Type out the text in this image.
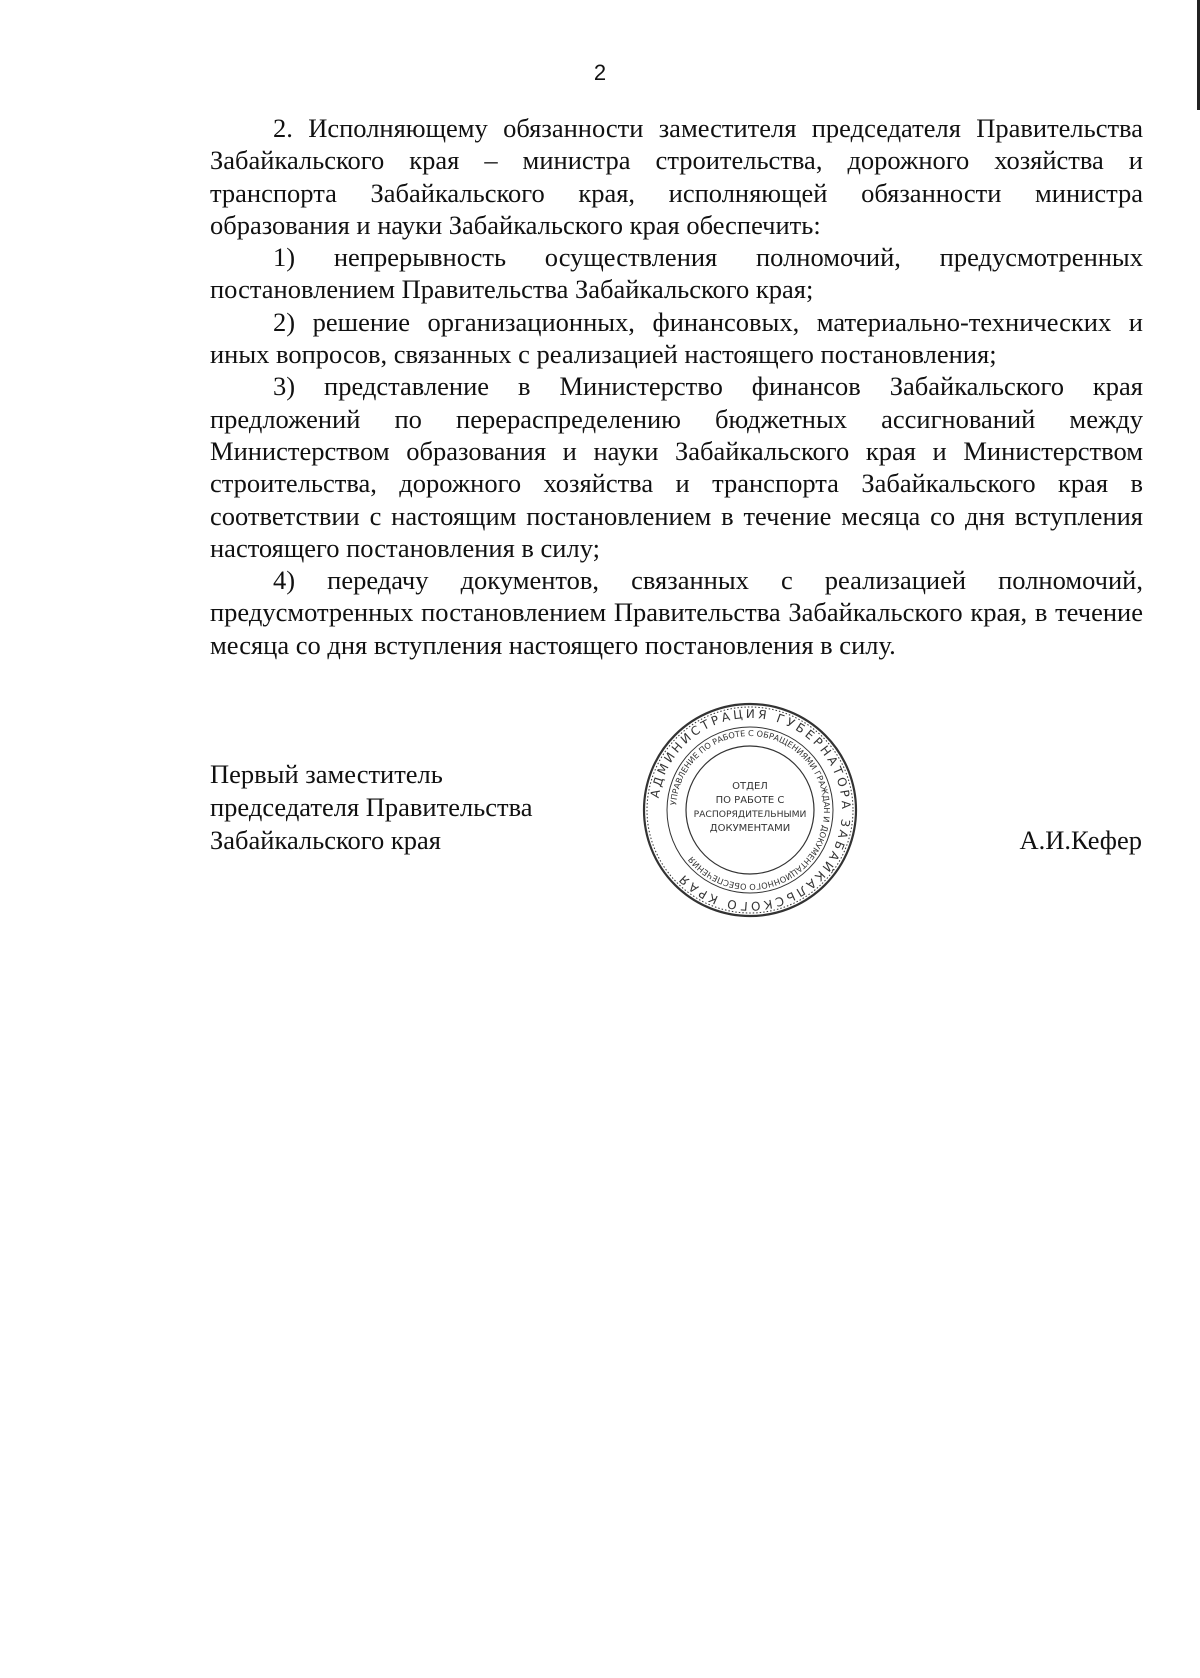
2

2. Исполняющему обязанности заместителя председателя Правительства Забайкальского края – министра строительства, дорожного хозяйства и транспорта Забайкальского края, исполняющей обязанности министра образования и науки Забайкальского края обеспечить:

1) непрерывность осуществления полномочий, предусмотренных постановлением Правительства Забайкальского края;

2) решение организационных, финансовых, материально-технических и иных вопросов, связанных с реализацией настоящего постановления;

3) представление в Министерство финансов Забайкальского края предложений по перераспределению бюджетных ассигнований между Министерством образования и науки Забайкальского края и Министерством строительства, дорожного хозяйства и транспорта Забайкальского края в соответствии с настоящим постановлением в течение месяца со дня вступления настоящего постановления в силу;

4) передачу документов, связанных с реализацией полномочий, предусмотренных постановлением Правительства Забайкальского края, в течение месяца со дня вступления настоящего постановления в силу.

Первый заместитель
председателя Правительства
Забайкальского края	А.И.Кефер
АДМИНИСТРАЦИЯ ГУБЕРНАТОРА ЗАБАЙКАЛЬСКОГО КРАЯ
УПРАВЛЕНИЕ ПО РАБОТЕ С ОБРАЩЕНИЯМИ ГРАЖДАН И ДОКУМЕНТАЦИОННОГО ОБЕСПЕЧЕНИЯ
ОТДЕЛ
ПО РАБОТЕ С
РАСПОРЯДИТЕЛЬНЫМИ
ДОКУМЕНТАМИ
